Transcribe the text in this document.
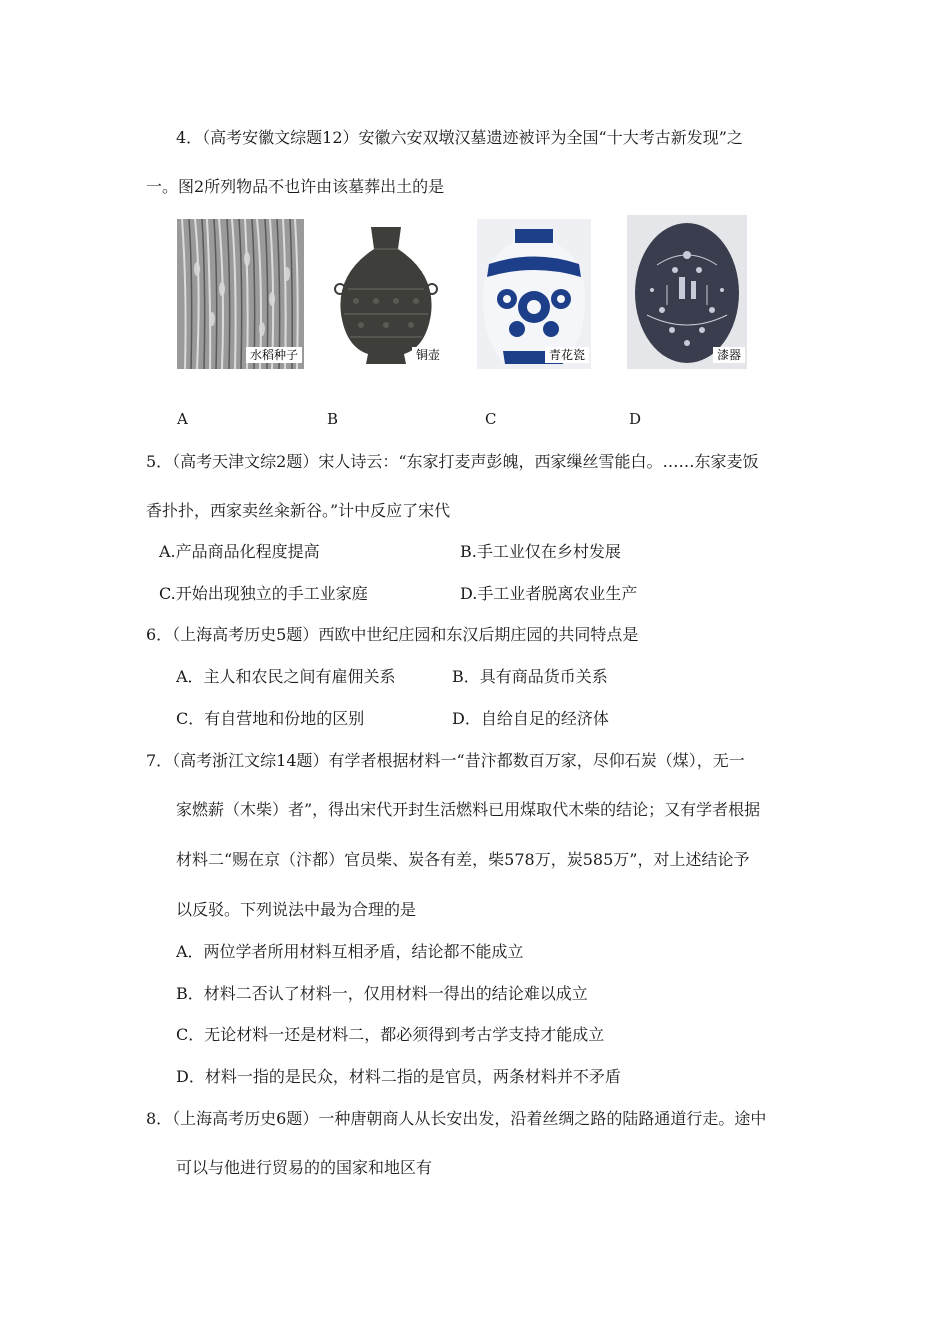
4．（高考安徽文综题12）安徽六安双墩汉墓遗迹被评为全国“十大考古新发现”之
一。图2所列物品不也许由该墓葬出土的是
水稻种子	铜壶	青花瓷	漆器
A	B	C	D
5．（高考天津文综2题）宋人诗云：“东家打麦声彭魄，西家缫丝雪能白。……东家麦饭
香扑扑，西家卖丝籴新谷。”计中反应了宋代
A.产品商品化程度提高	B.手工业仅在乡村发展
C.开始出现独立的手工业家庭	D.手工业者脱离农业生产
6．（上海高考历史5题）西欧中世纪庄园和东汉后期庄园的共同特点是
A．主人和农民之间有雇佣关系	B．具有商品货币关系
C．有自营地和份地的区别	D．自给自足的经济体
7．（高考浙江文综14题）有学者根据材料一“昔汴都数百万家，尽仰石炭（煤），无一
家燃薪（木柴）者”，得出宋代开封生活燃料已用煤取代木柴的结论；又有学者根据
材料二“赐在京（汴都）官员柴、炭各有差，柴578万，炭585万”，对上述结论予
以反驳。下列说法中最为合理的是
A．两位学者所用材料互相矛盾，结论都不能成立
B．材料二否认了材料一，仅用材料一得出的结论难以成立
C．无论材料一还是材料二，都必须得到考古学支持才能成立
D．材料一指的是民众，材料二指的是官员，两条材料并不矛盾
8．（上海高考历史6题）一种唐朝商人从长安出发，沿着丝绸之路的陆路通道行走。途中
可以与他进行贸易的的国家和地区有
